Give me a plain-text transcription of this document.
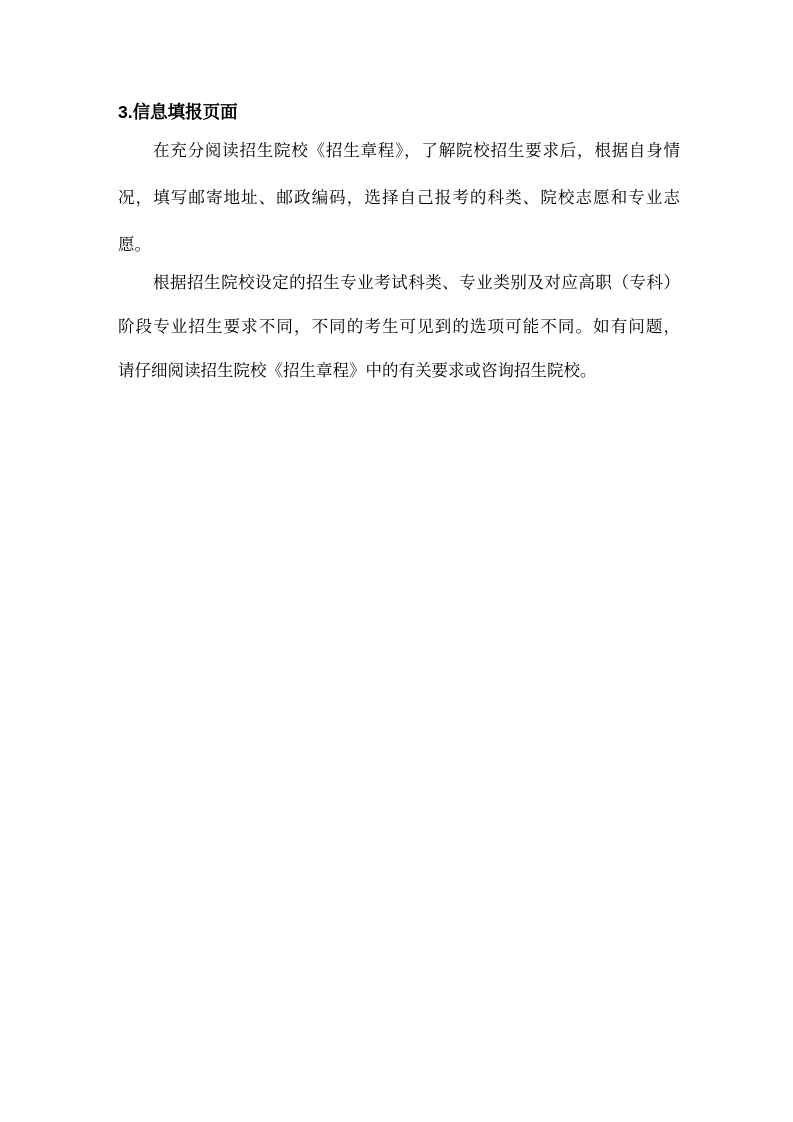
3.信息填报页面
在充分阅读招生院校《招生章程》，了解院校招生要求后，根据自身情
况，填写邮寄地址、邮政编码，选择自己报考的科类、院校志愿和专业志
愿。
根据招生院校设定的招生专业考试科类、专业类别及对应高职（专科）
阶段专业招生要求不同，不同的考生可见到的选项可能不同。如有问题，
请仔细阅读招生院校《招生章程》中的有关要求或咨询招生院校。
